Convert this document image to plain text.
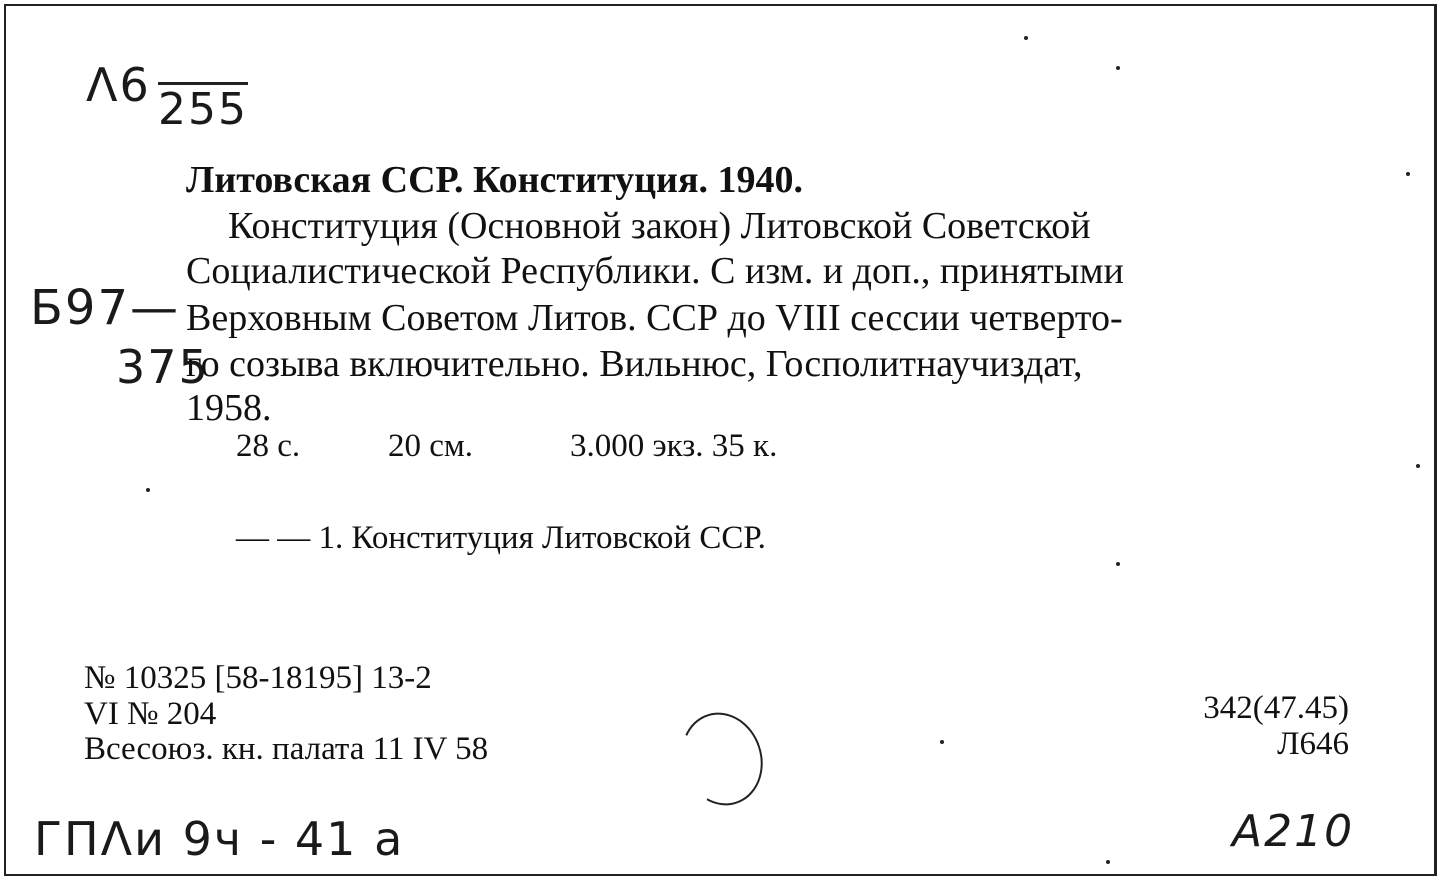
Λ6 255
Б97—
375
Литовская ССР. Конституция. 1940.
Конституция (Основной закон) Литовской Советской
Социалистической Республики. С изм. и доп., принятыми
Верховным Советом Литов. ССР до VIII сессии четверто-
го созыва включительно. Вильнюс, Госполитнаучиздат,
1958.
28 с.	20 см.	3.000 экз. 35 к.
— — 1. Конституция Литовской ССР.
№ 10325 [58-18195] 13-2
VI № 204
Всесоюз. кн. палата 11 IV 58
342(47.45)
Л646
ГПΛи 9ч - 41 а	A210
